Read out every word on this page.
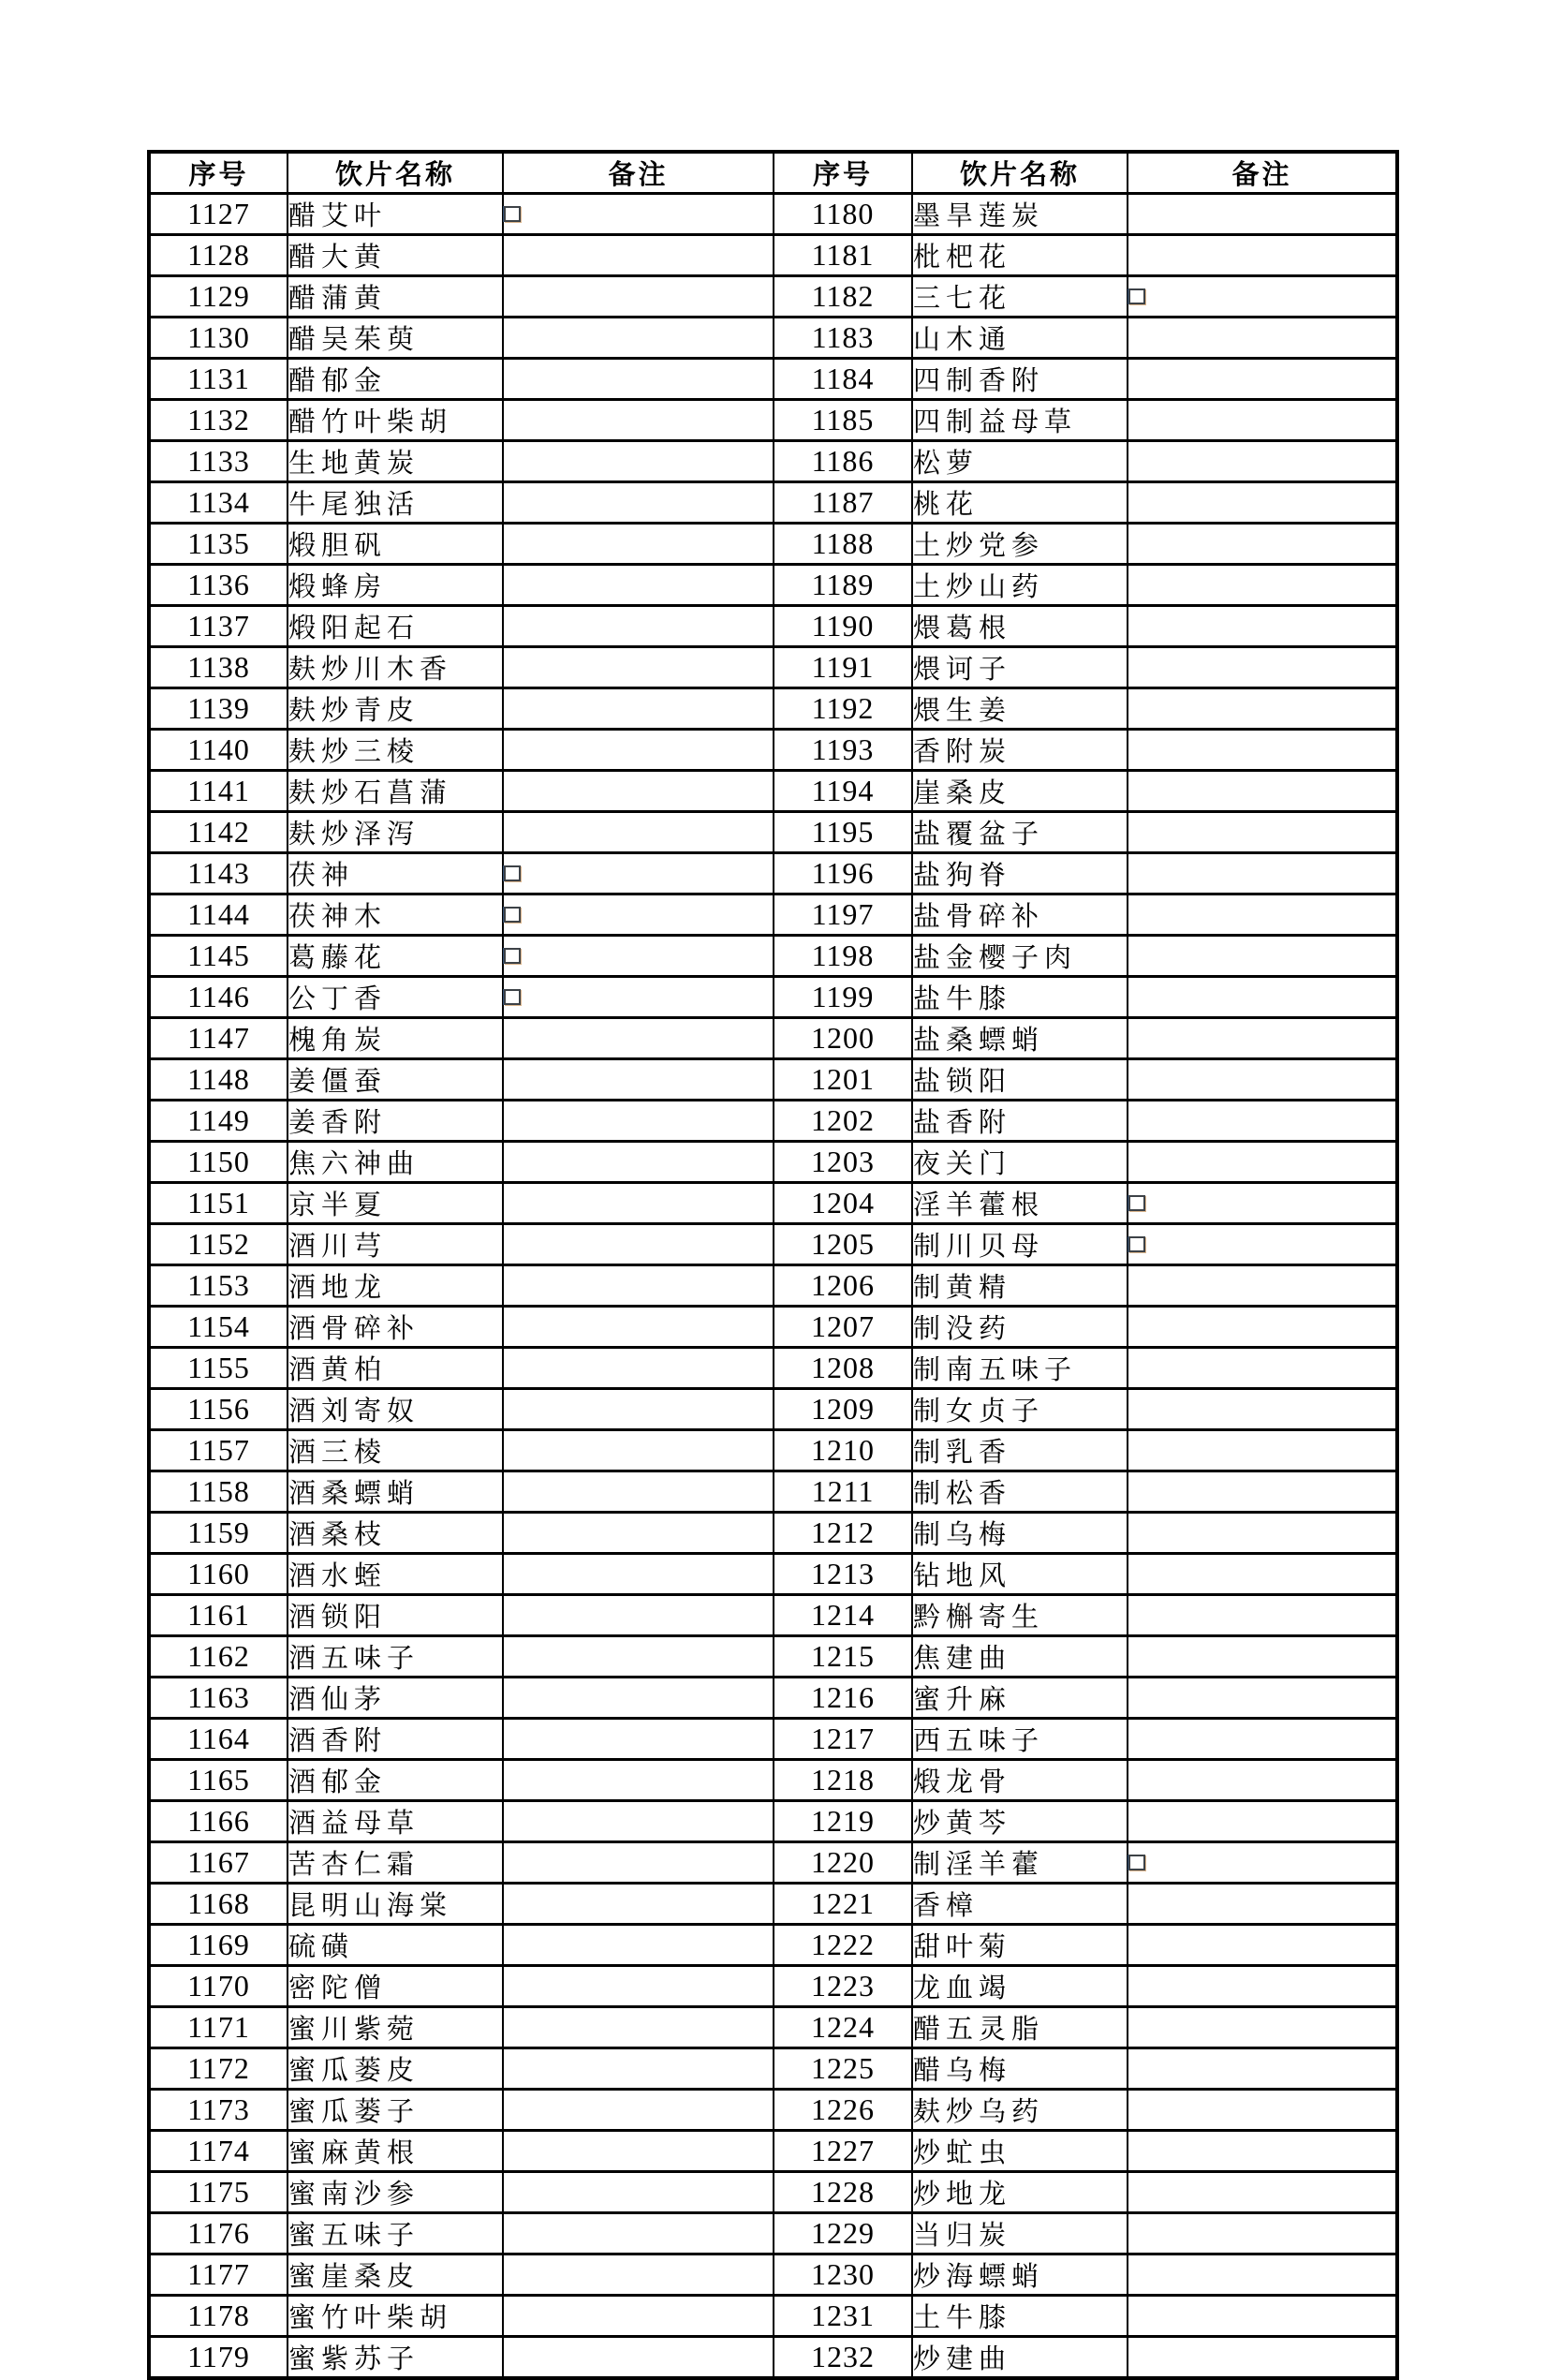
序号	饮片名称	备注	序号	饮片名称	备注
1127	醋艾叶		1180	墨旱莲炭	
1128	醋大黄		1181	枇杷花	
1129	醋蒲黄		1182	三七花	
1130	醋吴茱萸		1183	山木通	
1131	醋郁金		1184	四制香附	
1132	醋竹叶柴胡		1185	四制益母草	
1133	生地黄炭		1186	松萝	
1134	牛尾独活		1187	桃花	
1135	煅胆矾		1188	土炒党参	
1136	煅蜂房		1189	土炒山药	
1137	煅阳起石		1190	煨葛根	
1138	麸炒川木香		1191	煨诃子	
1139	麸炒青皮		1192	煨生姜	
1140	麸炒三棱		1193	香附炭	
1141	麸炒石菖蒲		1194	崖桑皮	
1142	麸炒泽泻		1195	盐覆盆子	
1143	茯神		1196	盐狗脊	
1144	茯神木		1197	盐骨碎补	
1145	葛藤花		1198	盐金樱子肉	
1146	公丁香		1199	盐牛膝	
1147	槐角炭		1200	盐桑螵蛸	
1148	姜僵蚕		1201	盐锁阳	
1149	姜香附		1202	盐香附	
1150	焦六神曲		1203	夜关门	
1151	京半夏		1204	淫羊藿根	
1152	酒川芎		1205	制川贝母	
1153	酒地龙		1206	制黄精	
1154	酒骨碎补		1207	制没药	
1155	酒黄柏		1208	制南五味子	
1156	酒刘寄奴		1209	制女贞子	
1157	酒三棱		1210	制乳香	
1158	酒桑螵蛸		1211	制松香	
1159	酒桑枝		1212	制乌梅	
1160	酒水蛭		1213	钻地风	
1161	酒锁阳		1214	黔槲寄生	
1162	酒五味子		1215	焦建曲	
1163	酒仙茅		1216	蜜升麻	
1164	酒香附		1217	西五味子	
1165	酒郁金		1218	煅龙骨	
1166	酒益母草		1219	炒黄芩	
1167	苦杏仁霜		1220	制淫羊藿	
1168	昆明山海棠		1221	香樟	
1169	硫磺		1222	甜叶菊	
1170	密陀僧		1223	龙血竭	
1171	蜜川紫菀		1224	醋五灵脂	
1172	蜜瓜蒌皮		1225	醋乌梅	
1173	蜜瓜蒌子		1226	麸炒乌药	
1174	蜜麻黄根		1227	炒虻虫	
1175	蜜南沙参		1228	炒地龙	
1176	蜜五味子		1229	当归炭	
1177	蜜崖桑皮		1230	炒海螵蛸	
1178	蜜竹叶柴胡		1231	土牛膝	
1179	蜜紫苏子		1232	炒建曲	
